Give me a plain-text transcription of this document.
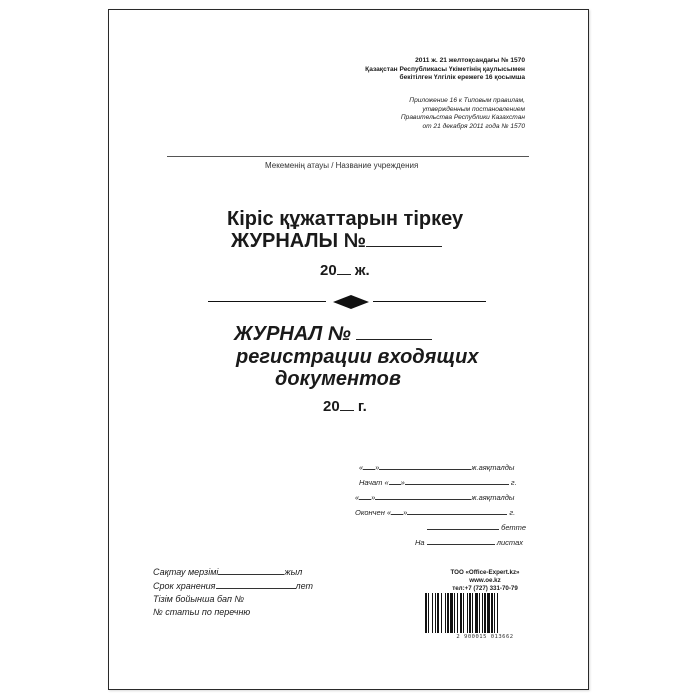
2011 ж. 21 желтоқсандағы № 1570
Қазақстан Республикасы Үкіметінің қаулысымен
бекітілген Үлгілік ережеге 16 қосымша
Приложение 16 к Типовым правилам,
утвержденным постановлением
Правительства Республики Казахстан
от 21 декабря 2011 года № 1570
Мекеменің атауы / Название учреждения
Кіріс құжаттарын тіркеу
ЖУРНАЛЫ №
20 ж.
ЖУРНАЛ №
регистрации входящих
документов
20 г.
« »	ж.аяқталды
Начат « »	г.
« »	ж.аяқталды
Окончен « »	г.
бетте
На	листах
Сақтау мерзімі	жыл
Срок хранения	лет
Тізім бойынша бап №
№ статьи по перечню
ТОО «Office-Expert.kz»
www.oe.kz
тел:+7 (727) 331-70-79
2 900015 013662
